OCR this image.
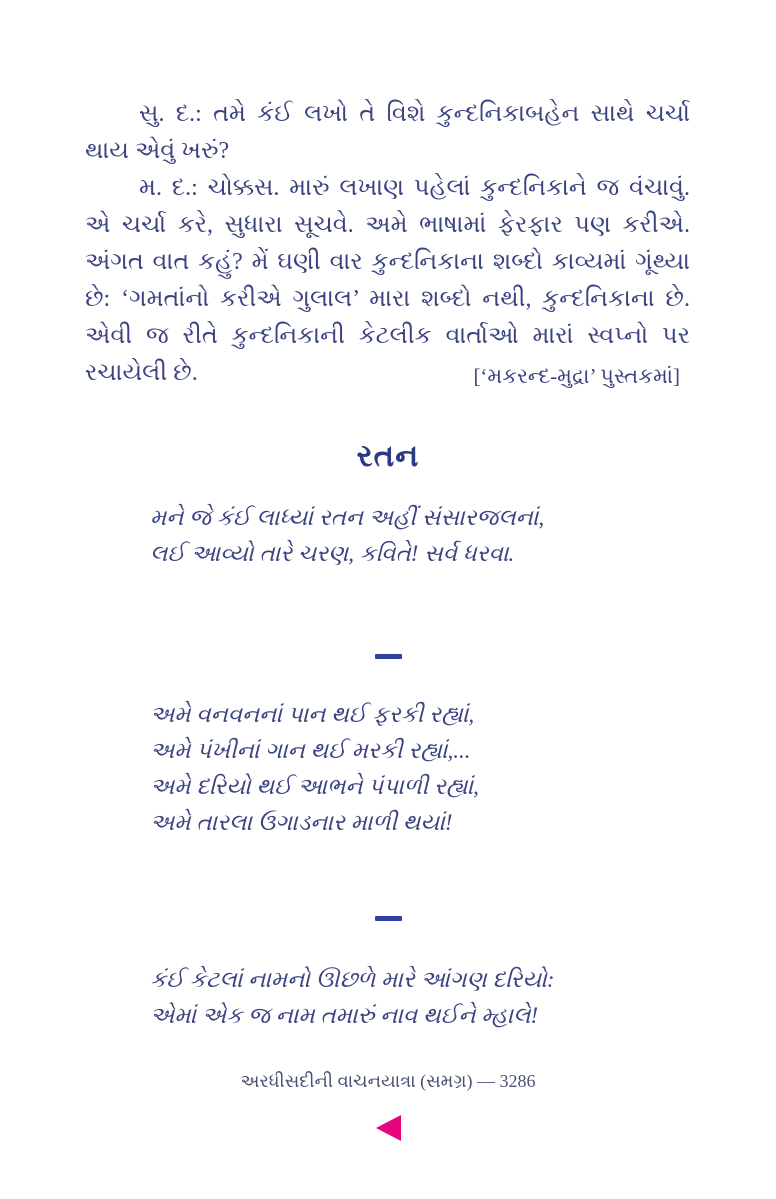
સુ. દ.: તમે કંઈ લખો તે વિશે કુન્દનિકાબહેન સાથે ચર્ચા થાય એવું ખરું?

મ. દ.: ચોક્કસ. મારું લખાણ પહેલાં કુન્દનિકાને જ વંચાવું. એ ચર્ચા કરે, સુધારા સૂચવે. અમે ભાષામાં ફેરફાર પણ કરીએ. અંગત વાત કહું? મેં ઘણી વાર કુન્દનિકાના શબ્દો કાવ્યમાં ગૂંથ્યા છે: ‘ગમતાંનો કરીએ ગુલાલ’ મારા શબ્દો નથી, કુન્દનિકાના છે. એવી જ રીતે કુન્દનિકાની કેટલીક વાર્તાઓ મારાં સ્વપ્નો પર રચાયેલી છે.	[‘મકરન્દ-મુદ્રા’ પુસ્તકમાં]
રતન
મને જે કંઈ લાધ્યાં રતન અહીં સંસારજલનાં,
લઈ આવ્યો તારે ચરણ, કવિતે! સર્વ ધરવા.
અમે વનવનનાં પાન થઈ ફરકી રહ્યાં,
અમે પંખીનાં ગાન થઈ મરકી રહ્યાં,...
અમે દરિયો થઈ આભને પંપાળી રહ્યાં,
અમે તારલા ઉગાડનાર માળી થયાં!
કંઈ કેટલાં નામનો ઊછળે મારે આંગણ દરિયો:
એમાં એક જ નામ તમારું નાવ થઈને મ્હાલે!
અરધીસદીની વાચનયાત્રા (સમગ્ર) — 3286
